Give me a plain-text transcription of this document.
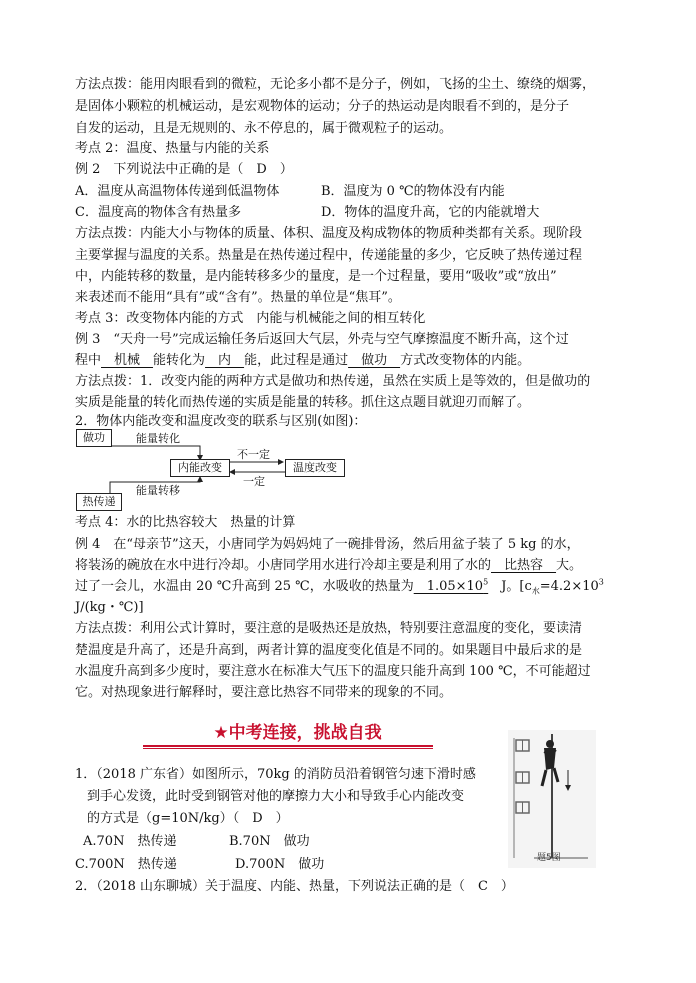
方法点拨：能用肉眼看到的微粒，无论多小都不是分子，例如，飞扬的尘土、缭绕的烟雾，
是固体小颗粒的机械运动，是宏观物体的运动；分子的热运动是肉眼看不到的，是分子
自发的运动，且是无规则的、永不停息的，属于微观粒子的运动。
考点 2：温度、热量与内能的关系
例 2　下列说法中正确的是（　D　）
A．温度从高温物体传递到低温物体	B．温度为 0 ℃的物体没有内能
C．温度高的物体含有热量多	D．物体的温度升高，它的内能就增大
方法点拨：内能大小与物体的质量、体积、温度及构成物体的物质种类都有关系。现阶段
主要掌握与温度的关系。热量是在热传递过程中，传递能量的多少，它反映了热传递过程
中，内能转移的数量，是内能转移多少的量度，是一个过程量，要用“吸收”或“放出”
来表述而不能用“具有”或“含有”。热量的单位是“焦耳”。
考点 3：改变物体内能的方式　内能与机械能之间的相互转化
例 3　“天舟一号”完成运输任务后返回大气层，外壳与空气摩擦温度不断升高，这个过
程中　机械　能转化为　内　能，此过程是通过　做功　方式改变物体的内能。
方法点拨：1．改变内能的两种方式是做功和热传递，虽然在实质上是等效的，但是做功的
实质是能量的转化而热传递的实质是能量的转移。抓住这点题目就迎刃而解了。
2．物体内能改变和温度改变的联系与区别(如图)：
做功
热传递
内能改变	温度改变
能量转化
能量转移
不一定
一定
考点 4：水的比热容较大　热量的计算
例 4　在“母亲节”这天，小唐同学为妈妈炖了一碗排骨汤，然后用盆子装了 5 kg 的水，
将装汤的碗放在水中进行冷却。小唐同学用水进行冷却主要是利用了水的　比热容　大。
过了一会儿，水温由 20 ℃升高到 25 ℃，水吸收的热量为　$1.05\times 10^5$　J。[$c_水=4.2\times 10^3$
J/(kg・℃)]
方法点拨：利用公式计算时，要注意的是吸热还是放热，特别要注意温度的变化，要读清
楚温度是升高了，还是升高到，两者计算的温度变化值是不同的。如果题目中最后求的是
水温度升高到多少度时，要注意水在标准大气压下的温度只能升高到 100 ℃，不可能超过
它。对热现象进行解释时，要注意比热容不同带来的现象的不同。
★中考连接，挑战自我
1．（2018 广东省）如图所示，70kg 的消防员沿着钢管匀速下滑时感
到手心发烫，此时受到钢管对他的摩擦力大小和导致手心内能改变
的方式是（g=10N/kg）（　D　）
A.70N　热传递	B.70N　做功
C.700N　热传递	D.700N　做功	题5图
2．（2018 山东聊城）关于温度、内能、热量，下列说法正确的是（　C　）
